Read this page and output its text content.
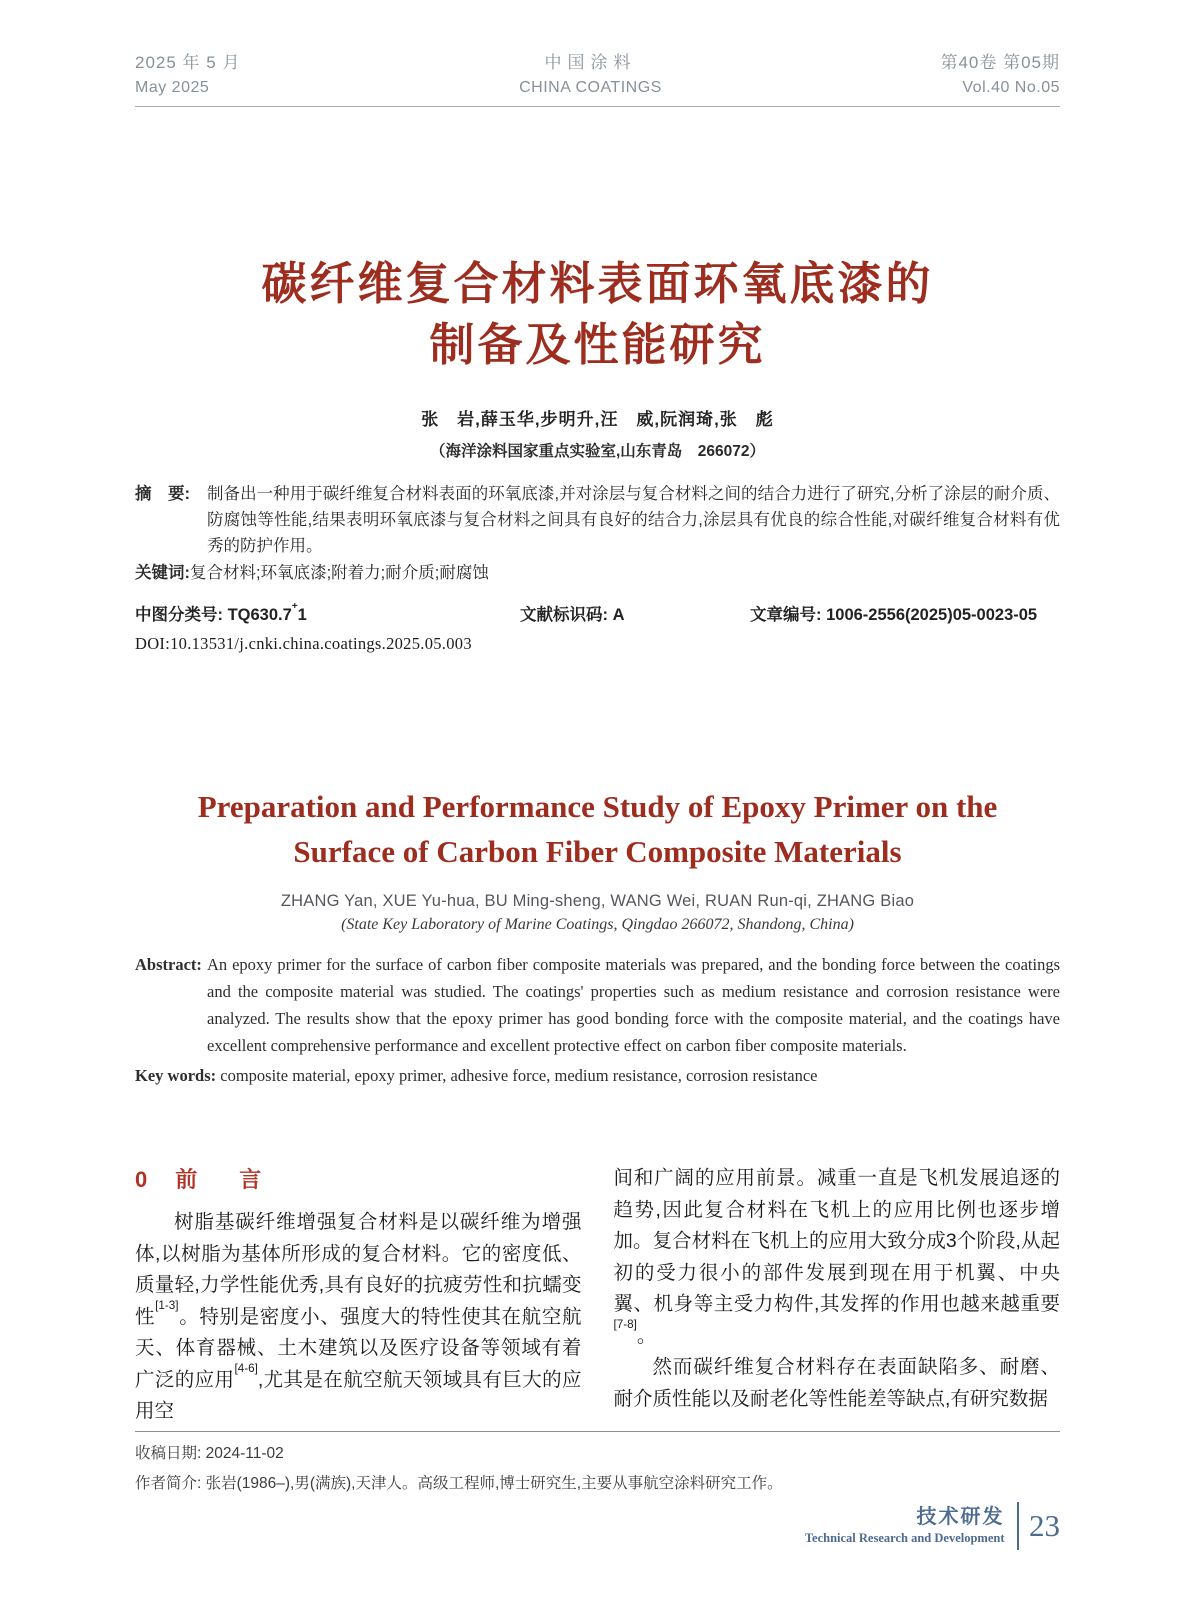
2025 年 5 月
May 2025
中国涂料
CHINA COATINGS
第40卷 第05期
Vol.40 No.05
碳纤维复合材料表面环氧底漆的
制备及性能研究
张　岩,薛玉华,步明升,汪　威,阮润琦,张　彪
（海洋涂料国家重点实验室,山东青岛　266072）
摘　要: 制备出一种用于碳纤维复合材料表面的环氧底漆,并对涂层与复合材料之间的结合力进行了研究,分析了涂层的耐介质、防腐蚀等性能,结果表明环氧底漆与复合材料之间具有良好的结合力,涂层具有优良的综合性能,对碳纤维复合材料有优秀的防护作用。
关键词:复合材料;环氧底漆;附着力;耐介质;耐腐蚀
中图分类号: TQ630.7+1	文献标识码: A	文章编号: 1006-2556(2025)05-0023-05
DOI:10.13531/j.cnki.china.coatings.2025.05.003
Preparation and Performance Study of Epoxy Primer on the Surface of Carbon Fiber Composite Materials
ZHANG Yan, XUE Yu-hua, BU Ming-sheng, WANG Wei, RUAN Run-qi, ZHANG Biao
(State Key Laboratory of Marine Coatings, Qingdao 266072, Shandong, China)
Abstract: An epoxy primer for the surface of carbon fiber composite materials was prepared, and the bonding force between the coatings and the composite material was studied. The coatings' properties such as medium resistance and corrosion resistance were analyzed. The results show that the epoxy primer has good bonding force with the composite material, and the coatings have excellent comprehensive performance and excellent protective effect on carbon fiber composite materials.
Key words: composite material, epoxy primer, adhesive force, medium resistance, corrosion resistance
0 前　言
树脂基碳纤维增强复合材料是以碳纤维为增强体,以树脂为基体所形成的复合材料。它的密度低、质量轻,力学性能优秀,具有良好的抗疲劳性和抗蠕变性[1-3]。特别是密度小、强度大的特性使其在航空航天、体育器械、土木建筑以及医疗设备等领域有着广泛的应用[4-6],尤其是在航空航天领域具有巨大的应用空
间和广阔的应用前景。减重一直是飞机发展追逐的趋势,因此复合材料在飞机上的应用比例也逐步增加。复合材料在飞机上的应用大致分成3个阶段,从起初的受力很小的部件发展到现在用于机翼、中央翼、机身等主受力构件,其发挥的作用也越来越重要[7-8]。
然而碳纤维复合材料存在表面缺陷多、耐磨、耐介质性能以及耐老化等性能差等缺点,有研究数据
收稿日期: 2024-11-02
作者简介: 张岩(1986–),男(满族),天津人。高级工程师,博士研究生,主要从事航空涂料研究工作。
技术研发
Technical Research and Development 23
